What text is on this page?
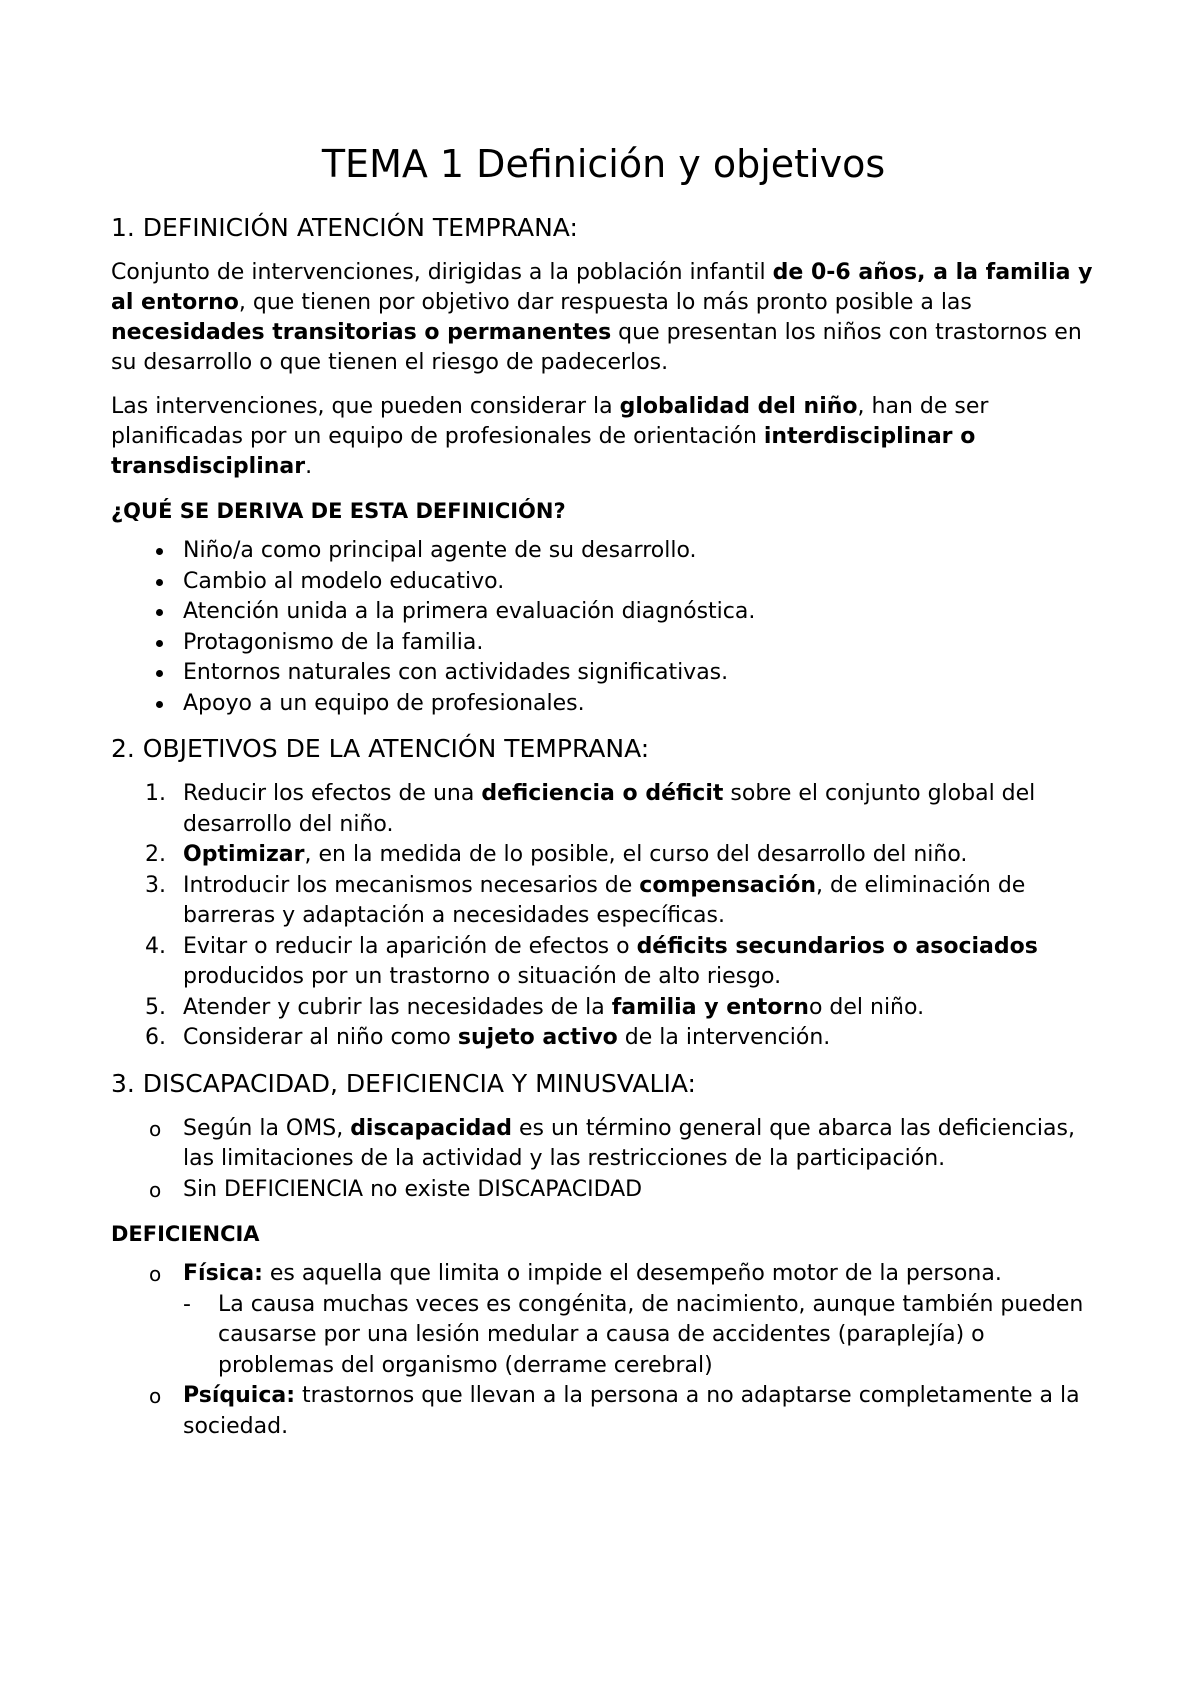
TEMA 1 Definición y objetivos
1. DEFINICIÓN ATENCIÓN TEMPRANA:

Conjunto de intervenciones, dirigidas a la población infantil de 0-6 años, a la familia y al entorno, que tienen por objetivo dar respuesta lo más pronto posible a las necesidades transitorias o permanentes que presentan los niños con trastornos en su desarrollo o que tienen el riesgo de padecerlos.

Las intervenciones, que pueden considerar la globalidad del niño, han de ser planificadas por un equipo de profesionales de orientación interdisciplinar o transdisciplinar.

¿QUÉ SE DERIVA DE ESTA DEFINICIÓN?
Niño/a como principal agente de su desarrollo.
Cambio al modelo educativo.
Atención unida a la primera evaluación diagnóstica.
Protagonismo de la familia.
Entornos naturales con actividades significativas.
Apoyo a un equipo de profesionales.
2. OBJETIVOS DE LA ATENCIÓN TEMPRANA:
1. Reducir los efectos de una deficiencia o déficit sobre el conjunto global del desarrollo del niño.
2. Optimizar, en la medida de lo posible, el curso del desarrollo del niño.
3. Introducir los mecanismos necesarios de compensación, de eliminación de barreras y adaptación a necesidades específicas.
4. Evitar o reducir la aparición de efectos o déficits secundarios o asociados producidos por un trastorno o situación de alto riesgo.
5. Atender y cubrir las necesidades de la familia y entorno del niño.
6. Considerar al niño como sujeto activo de la intervención.
3. DISCAPACIDAD, DEFICIENCIA Y MINUSVALIA:
o Según la OMS, discapacidad es un término general que abarca las deficiencias, las limitaciones de la actividad y las restricciones de la participación.
o Sin DEFICIENCIA no existe DISCAPACIDAD
DEFICIENCIA
o Física: es aquella que limita o impide el desempeño motor de la persona.
- La causa muchas veces es congénita, de nacimiento, aunque también pueden causarse por una lesión medular a causa de accidentes (paraplejía) o problemas del organismo (derrame cerebral)
o Psíquica: trastornos que llevan a la persona a no adaptarse completamente a la sociedad.
